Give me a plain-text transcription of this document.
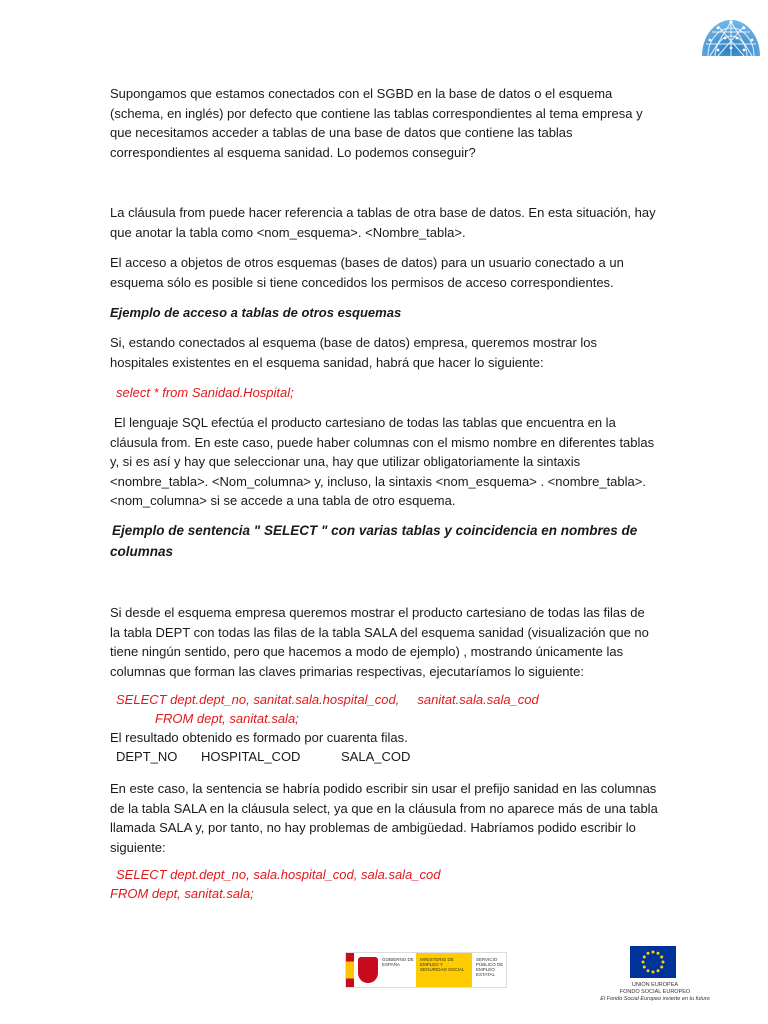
Supongamos que estamos conectados con el SGBD en la base de datos o el esquema (schema, en inglés) por defecto que contiene las tablas correspondientes al tema empresa y que necesitamos acceder a tablas de una base de datos que contiene las tablas correspondientes al esquema sanidad. Lo podemos conseguir?

La cláusula from puede hacer referencia a tablas de otra base de datos. En esta situación, hay que anotar la tabla como <nom_esquema>. <Nombre_tabla>.

El acceso a objetos de otros esquemas (bases de datos) para un usuario conectado a un esquema sólo es posible si tiene concedidos los permisos de acceso correspondientes.

Ejemplo de acceso a tablas de otros esquemas

Si, estando conectados al esquema (base de datos) empresa, queremos mostrar los hospitales existentes en el esquema sanidad, habrá que hacer lo siguiente:

select * from Sanidad.Hospital;

El lenguaje SQL efectúa el producto cartesiano de todas las tablas que encuentra en la cláusula from. En este caso, puede haber columnas con el mismo nombre en diferentes tablas y, si es así y hay que seleccionar una, hay que utilizar obligatoriamente la sintaxis <nombre_tabla>. <Nom_columna> y, incluso, la sintaxis <nom_esquema> . <nombre_tabla>. <nom_columna> si se accede a una tabla de otro esquema.

Ejemplo de sentencia " SELECT " con varias tablas y coincidencia en nombres de columnas

Si desde el esquema empresa queremos mostrar el producto cartesiano de todas las filas de la tabla DEPT con todas las filas de la tabla SALA del esquema sanidad (visualización que no tiene ningún sentido, pero que hacemos a modo de ejemplo) , mostrando únicamente las columnas que forman las claves primarias respectivas, ejecutaríamos lo siguiente:

SELECT dept.dept_no, sanitat.sala.hospital_cod,     sanitat.sala.sala_cod

FROM dept, sanitat.sala;

El resultado obtenido es formado por cuarenta filas.

DEPT_NO HOSPITAL_COD	SALA_COD

En este caso, la sentencia se habría podido escribir sin usar el prefijo sanidad en las columnas de la tabla SALA en la cláusula select, ya que en la cláusula from no aparece más de una tabla llamada SALA y, por tanto, no hay problemas de ambigüedad. Habríamos podido escribir lo siguiente:

SELECT dept.dept_no, sala.hospital_cod, sala.sala_cod

FROM dept, sanitat.sala;

GOBIERNO DE ESPAÑA
MINISTERIO DE EMPLEO Y SEGURIDAD SOCIAL
SERVICIO PÚBLICO DE EMPLEO ESTATAL
UNIÓN EUROPEA
FONDO SOCIAL EUROPEO
El Fondo Social Europeo invierte en tu futuro
